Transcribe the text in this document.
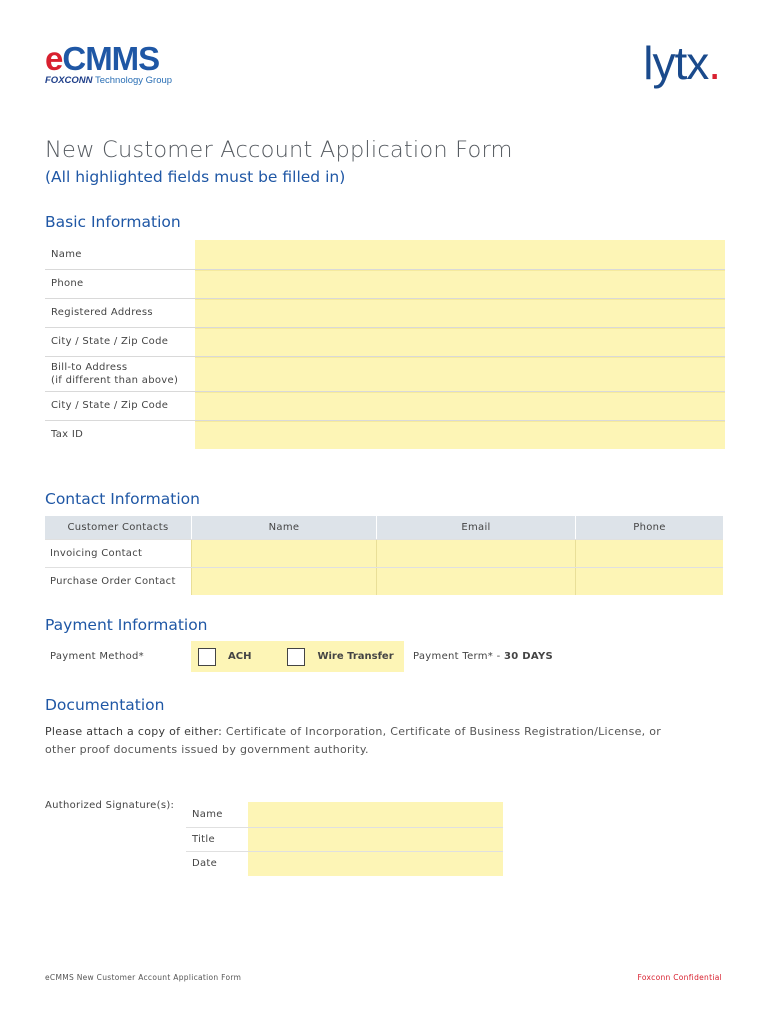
eCMMS
FOXCONN Technology Group	lytx.
New Customer Account Application Form
(All highlighted fields must be filled in)
Basic Information
Name
Phone
Registered Address
City / State / Zip Code
Bill-to Address
(if different than above)
City / State / Zip Code
Tax ID
Contact Information
Customer Contacts	Name	Email	Phone
Invoicing Contact
Purchase Order Contact
Payment Information
Payment Method*	ACH	Wire Transfer Payment Term* - 30 DAYS
Documentation
Please attach a copy of either: Certificate of Incorporation, Certificate of Business Registration/License, or other proof documents issued by government authority.
Authorized Signature(s):
Name
Title
Date
eCMMS New Customer Account Application Form	Foxconn Confidential
